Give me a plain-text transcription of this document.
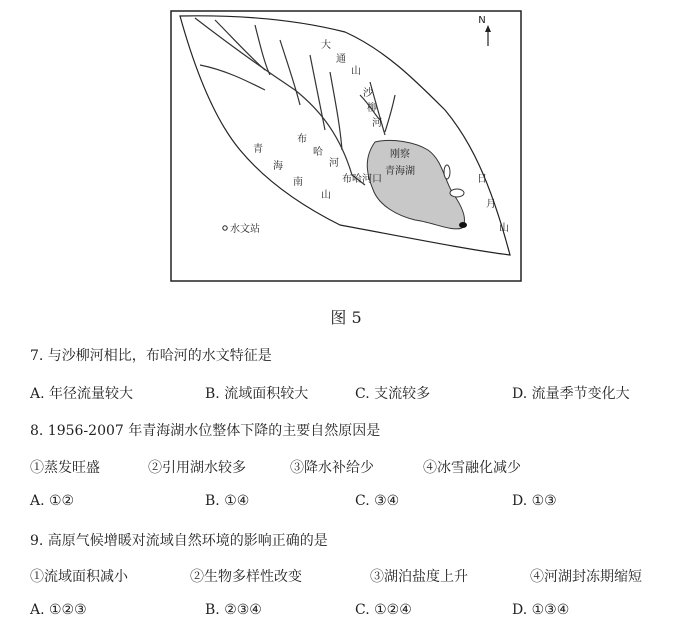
N
大
通
山
沙
柳
河
刚察
青海湖
布哈河口
布
哈
河
青
海
南
山
日
月
山
水文站
图 5
7. 与沙柳河相比，布哈河的水文特征是
A. 年径流量较大	B. 流域面积较大	C. 支流较多	D. 流量季节变化大
8. 1956-2007 年青海湖水位整体下降的主要自然原因是
①蒸发旺盛	②引用湖水较多	③降水补给少	④冰雪融化减少
A. ①②	B. ①④	C. ③④	D. ①③
9. 高原气候增暖对流域自然环境的影响正确的是
①流域面积减小	②生物多样性改变	③湖泊盐度上升	④河湖封冻期缩短
A. ①②③	B. ②③④	C. ①②④	D. ①③④
